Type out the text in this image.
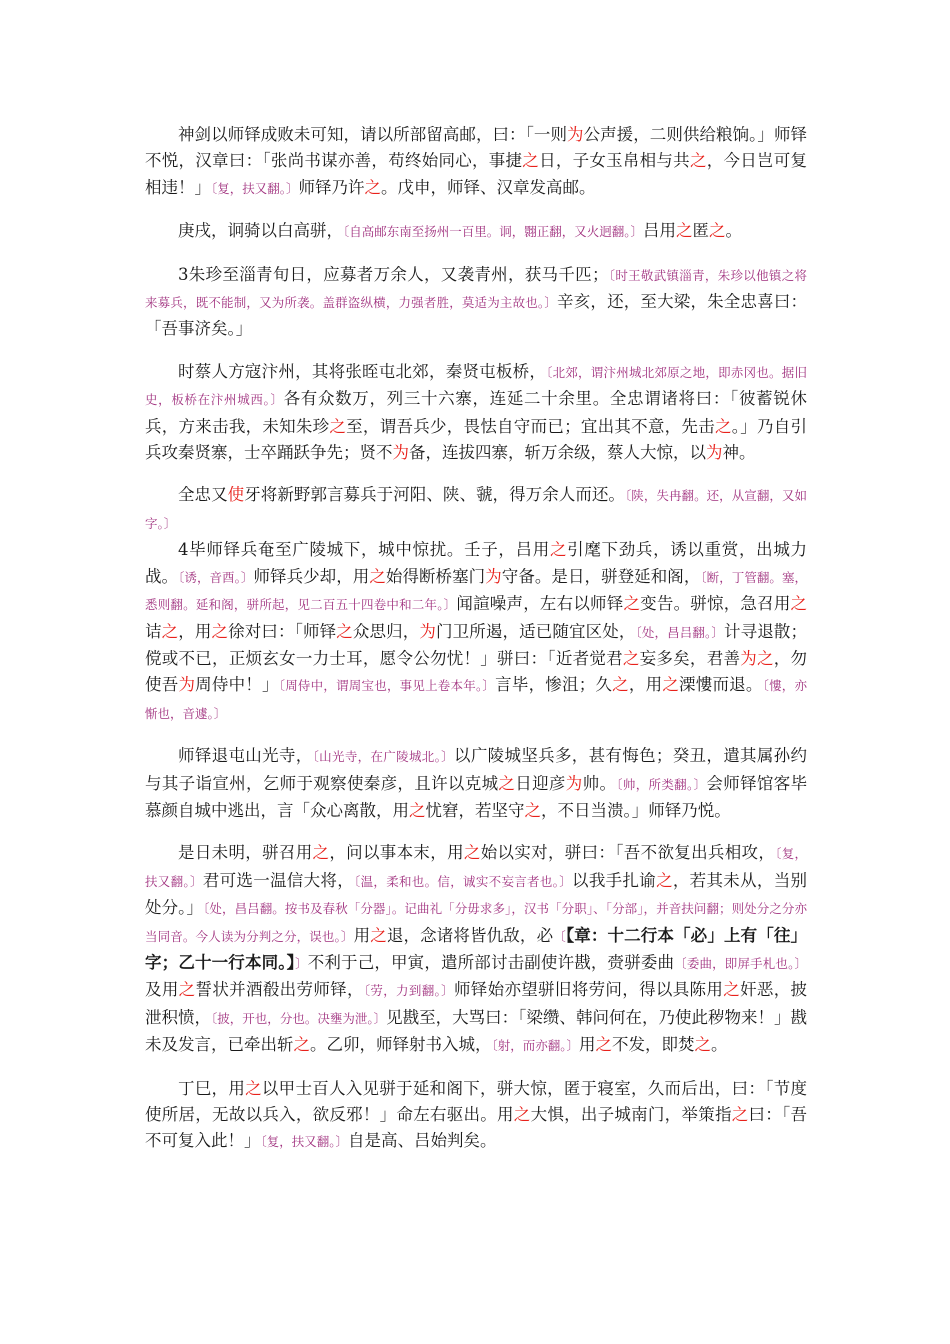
神剑以师铎成败未可知，请以所部留高邮，曰：「一则为公声援，二则供给粮饷。」师铎不悦，汉章曰：「张尚书谋亦善，苟终始同心，事捷之日，子女玉帛相与共之，今日岂可复相违！」〔复，扶又翻。〕师铎乃许之。戊申，师铎、汉章发高邮。

庚戌，诇骑以白高骈，〔自高邮东南至扬州一百里。诇，翾正翻，又火迥翻。〕吕用之匿之。

3朱珍至淄青旬日，应募者万余人，又袭青州，获马千匹；〔时王敬武镇淄青，朱珍以他镇之将来募兵，既不能制，又为所袭。盖群盗纵横，力强者胜，莫适为主故也。〕辛亥，还，至大梁，朱全忠喜曰：「吾事济矣。」

时蔡人方寇汴州，其将张晊屯北郊，秦贤屯板桥，〔北郊，谓汴州城北郊原之地，即赤冈也。据旧史，板桥在汴州城西。〕各有众数万，列三十六寨，连延二十余里。全忠谓诸将曰：「彼蓄锐休兵，方来击我，未知朱珍之至，谓吾兵少，畏怯自守而已；宜出其不意，先击之。」乃自引兵攻秦贤寨，士卒踊跃争先；贤不为备，连拔四寨，斩万余级，蔡人大惊，以为神。

全忠又使牙将新野郭言募兵于河阳、陕、虢，得万余人而还。〔陕，失冉翻。还，从宣翻，又如字。〕

4毕师铎兵奄至广陵城下，城中惊扰。壬子，吕用之引麾下劲兵，诱以重赏，出城力战。〔诱，音酉。〕师铎兵少却，用之始得断桥塞门为守备。是日，骈登延和阁，〔断，丁管翻。塞，悉则翻。延和阁，骈所起，见二百五十四卷中和二年。〕闻諠噪声，左右以师铎之变告。骈惊，急召用之诘之，用之徐对曰：「师铎之众思归，为门卫所遏，适已随宜区处，〔处，昌吕翻。〕计寻退散；傥或不已，正烦玄女一力士耳，愿令公勿忧！」骈曰：「近者觉君之妄多矣，君善为之，勿使吾为周侍中！」〔周侍中，谓周宝也，事见上卷本年。〕言毕，惨沮；久之，用之溧慺而退。〔慺，亦惭也，音遽。〕

师铎退屯山光寺，〔山光寺，在广陵城北。〕以广陵城坚兵多，甚有悔色；癸丑，遣其属孙约与其子诣宣州，乞师于观察使秦彦，且许以克城之日迎彦为帅。〔帅，所类翻。〕会师铎馆客毕慕颜自城中逃出，言「众心离散，用之忧窘，若坚守之，不日当溃。」师铎乃悦。

是日未明，骈召用之，问以事本末，用之始以实对，骈曰：「吾不欲复出兵相攻，〔复，扶又翻。〕君可选一温信大将，〔温，柔和也。信，诚实不妄言者也。〕以我手扎谕之，若其未从，当别处分。」〔处，昌吕翻。按书及春秋「分器」。记曲礼「分毋求多」，汉书「分职」、「分部」，并音扶问翻；则处分之分亦当同音。今人读为分判之分，误也。〕用之退，念诸将皆仇敌，必〔【章：十二行本「必」上有「往」字；乙十一行本同。】〕不利于己，甲寅，遣所部讨击副使许戡，赍骈委曲〔委曲，即屏手札也。〕及用之誓状并酒殽出劳师铎，〔劳，力到翻。〕师铎始亦望骈旧将劳问，得以具陈用之奸恶，披泄积愤，〔披，开也，分也。决壅为泄。〕见戡至，大骂曰：「梁缵、韩问何在，乃使此秽物来！」戡未及发言，已牵出斩之。乙卯，师铎射书入城，〔射，而亦翻。〕用之不发，即焚之。

丁巳，用之以甲士百人入见骈于延和阁下，骈大惊，匿于寝室，久而后出，曰：「节度使所居，无故以兵入，欲反邪！」命左右驱出。用之大惧，出子城南门，举策指之曰：「吾不可复入此！」〔复，扶又翻。〕自是高、吕始判矣。
